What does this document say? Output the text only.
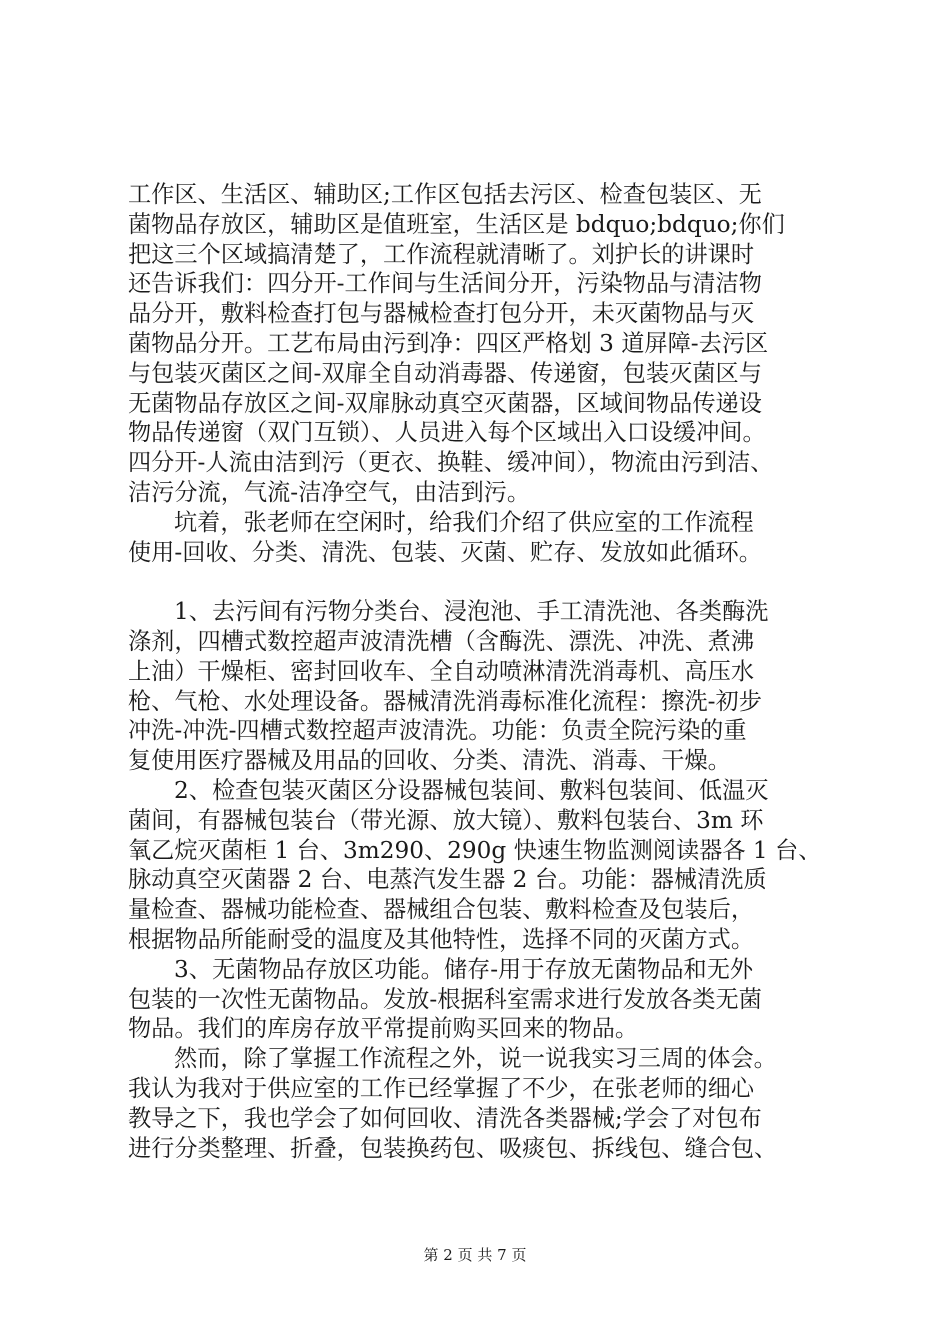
工作区、生活区、辅助区;工作区包括去污区、检查包装区、无
菌物品存放区，辅助区是值班室，生活区是 bdquo;bdquo;你们
把这三个区域搞清楚了，工作流程就清晰了。刘护长的讲课时
还告诉我们：四分开-工作间与生活间分开，污染物品与清洁物
品分开，敷料检查打包与器械检查打包分开，未灭菌物品与灭
菌物品分开。工艺布局由污到净：四区严格划 3 道屏障-去污区
与包装灭菌区之间-双扉全自动消毒器、传递窗，包装灭菌区与
无菌物品存放区之间-双扉脉动真空灭菌器，区域间物品传递设
物品传递窗（双门互锁）、人员进入每个区域出入口设缓冲间。
四分开-人流由洁到污（更衣、换鞋、缓冲间），物流由污到洁、
洁污分流，气流-洁净空气，由洁到污。
坑着，张老师在空闲时，给我们介绍了供应室的工作流程
使用-回收、分类、清洗、包装、灭菌、贮存、发放如此循环。
1、去污间有污物分类台、浸泡池、手工清洗池、各类酶洗
涤剂，四槽式数控超声波清洗槽（含酶洗、漂洗、冲洗、煮沸
上油）干燥柜、密封回收车、全自动喷淋清洗消毒机、高压水
枪、气枪、水处理设备。器械清洗消毒标准化流程：擦洗-初步
冲洗-冲洗-四槽式数控超声波清洗。功能：负责全院污染的重
复使用医疗器械及用品的回收、分类、清洗、消毒、干燥。
2、检查包装灭菌区分设器械包装间、敷料包装间、低温灭
菌间，有器械包装台（带光源、放大镜）、敷料包装台、3m 环
氧乙烷灭菌柜 1 台、3m290、290g 快速生物监测阅读器各 1 台、
脉动真空灭菌器 2 台、电蒸汽发生器 2 台。功能：器械清洗质
量检查、器械功能检查、器械组合包装、敷料检查及包装后，
根据物品所能耐受的温度及其他特性，选择不同的灭菌方式。
3、无菌物品存放区功能。储存-用于存放无菌物品和无外
包装的一次性无菌物品。发放-根据科室需求进行发放各类无菌
物品。我们的库房存放平常提前购买回来的物品。
然而，除了掌握工作流程之外，说一说我实习三周的体会。
我认为我对于供应室的工作已经掌握了不少，在张老师的细心
教导之下，我也学会了如何回收、清洗各类器械;学会了对包布
进行分类整理、折叠，包装换药包、吸痰包、拆线包、缝合包、
第 2 页 共 7 页
